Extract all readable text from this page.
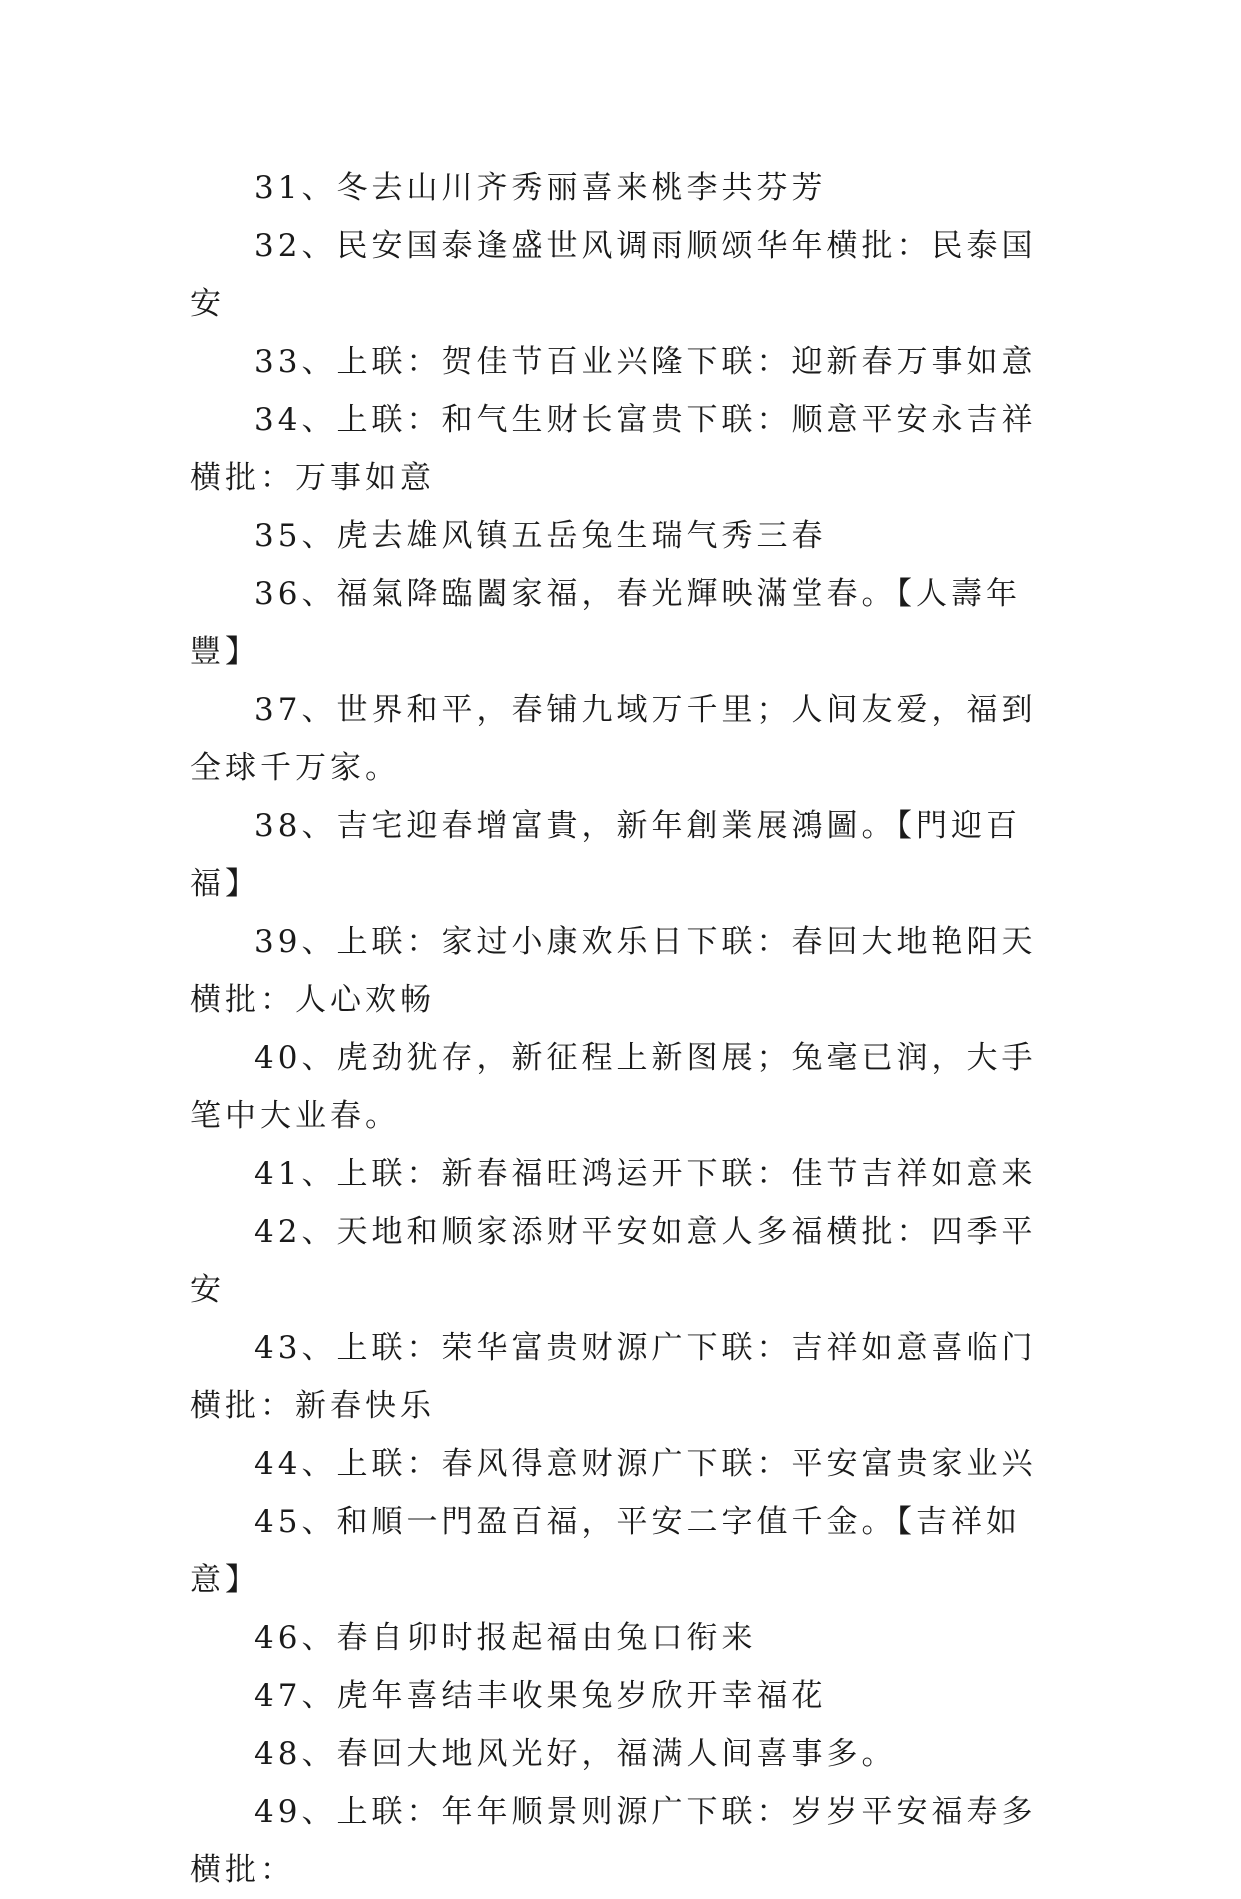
31、冬去山川齐秀丽喜来桃李共芬芳

32、民安国泰逢盛世风调雨顺颂华年横批：民泰国安

33、上联：贺佳节百业兴隆下联：迎新春万事如意

34、上联：和气生财长富贵下联：顺意平安永吉祥横批：万事如意

35、虎去雄风镇五岳兔生瑞气秀三春

36、福氣降臨闔家福，春光輝映滿堂春。【人壽年豐】

37、世界和平，春铺九域万千里；人间友爱，福到全球千万家。

38、吉宅迎春增富貴，新年創業展鴻圖。【門迎百福】

39、上联：家过小康欢乐日下联：春回大地艳阳天横批：人心欢畅

40、虎劲犹存，新征程上新图展；兔毫已润，大手笔中大业春。

41、上联：新春福旺鸿运开下联：佳节吉祥如意来

42、天地和顺家添财平安如意人多福横批：四季平安

43、上联：荣华富贵财源广下联：吉祥如意喜临门横批：新春快乐

44、上联：春风得意财源广下联：平安富贵家业兴

45、和順一門盈百福，平安二字值千金。【吉祥如意】

46、春自卯时报起福由兔口衔来

47、虎年喜结丰收果兔岁欣开幸福花

48、春回大地风光好，福满人间喜事多。

49、上联：年年顺景则源广下联：岁岁平安福寿多横批：
